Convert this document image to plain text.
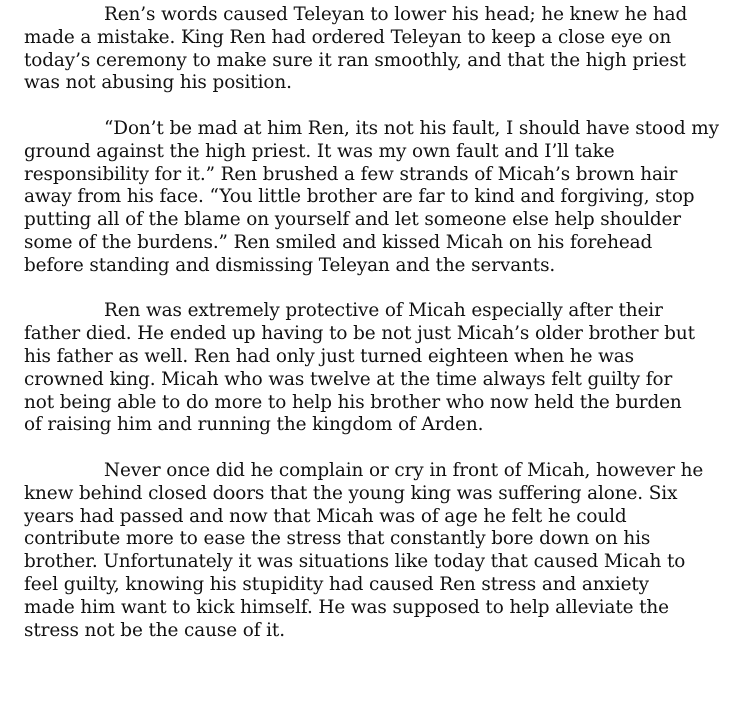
Ren’s words caused Teleyan to lower his head; he knew he had
made a mistake. King Ren had ordered Teleyan to keep a close eye on
today’s ceremony to make sure it ran smoothly, and that the high priest
was not abusing his position.

“Don’t be mad at him Ren, its not his fault, I should have stood my
ground against the high priest. It was my own fault and I’ll take
responsibility for it.” Ren brushed a few strands of Micah’s brown hair
away from his face. “You little brother are far to kind and forgiving, stop
putting all of the blame on yourself and let someone else help shoulder
some of the burdens.” Ren smiled and kissed Micah on his forehead
before standing and dismissing Teleyan and the servants.

Ren was extremely protective of Micah especially after their
father died. He ended up having to be not just Micah’s older brother but
his father as well. Ren had only just turned eighteen when he was
crowned king. Micah who was twelve at the time always felt guilty for
not being able to do more to help his brother who now held the burden
of raising him and running the kingdom of Arden.

Never once did he complain or cry in front of Micah, however he
knew behind closed doors that the young king was suffering alone. Six
years had passed and now that Micah was of age he felt he could
contribute more to ease the stress that constantly bore down on his
brother. Unfortunately it was situations like today that caused Micah to
feel guilty, knowing his stupidity had caused Ren stress and anxiety
made him want to kick himself. He was supposed to help alleviate the
stress not be the cause of it.
